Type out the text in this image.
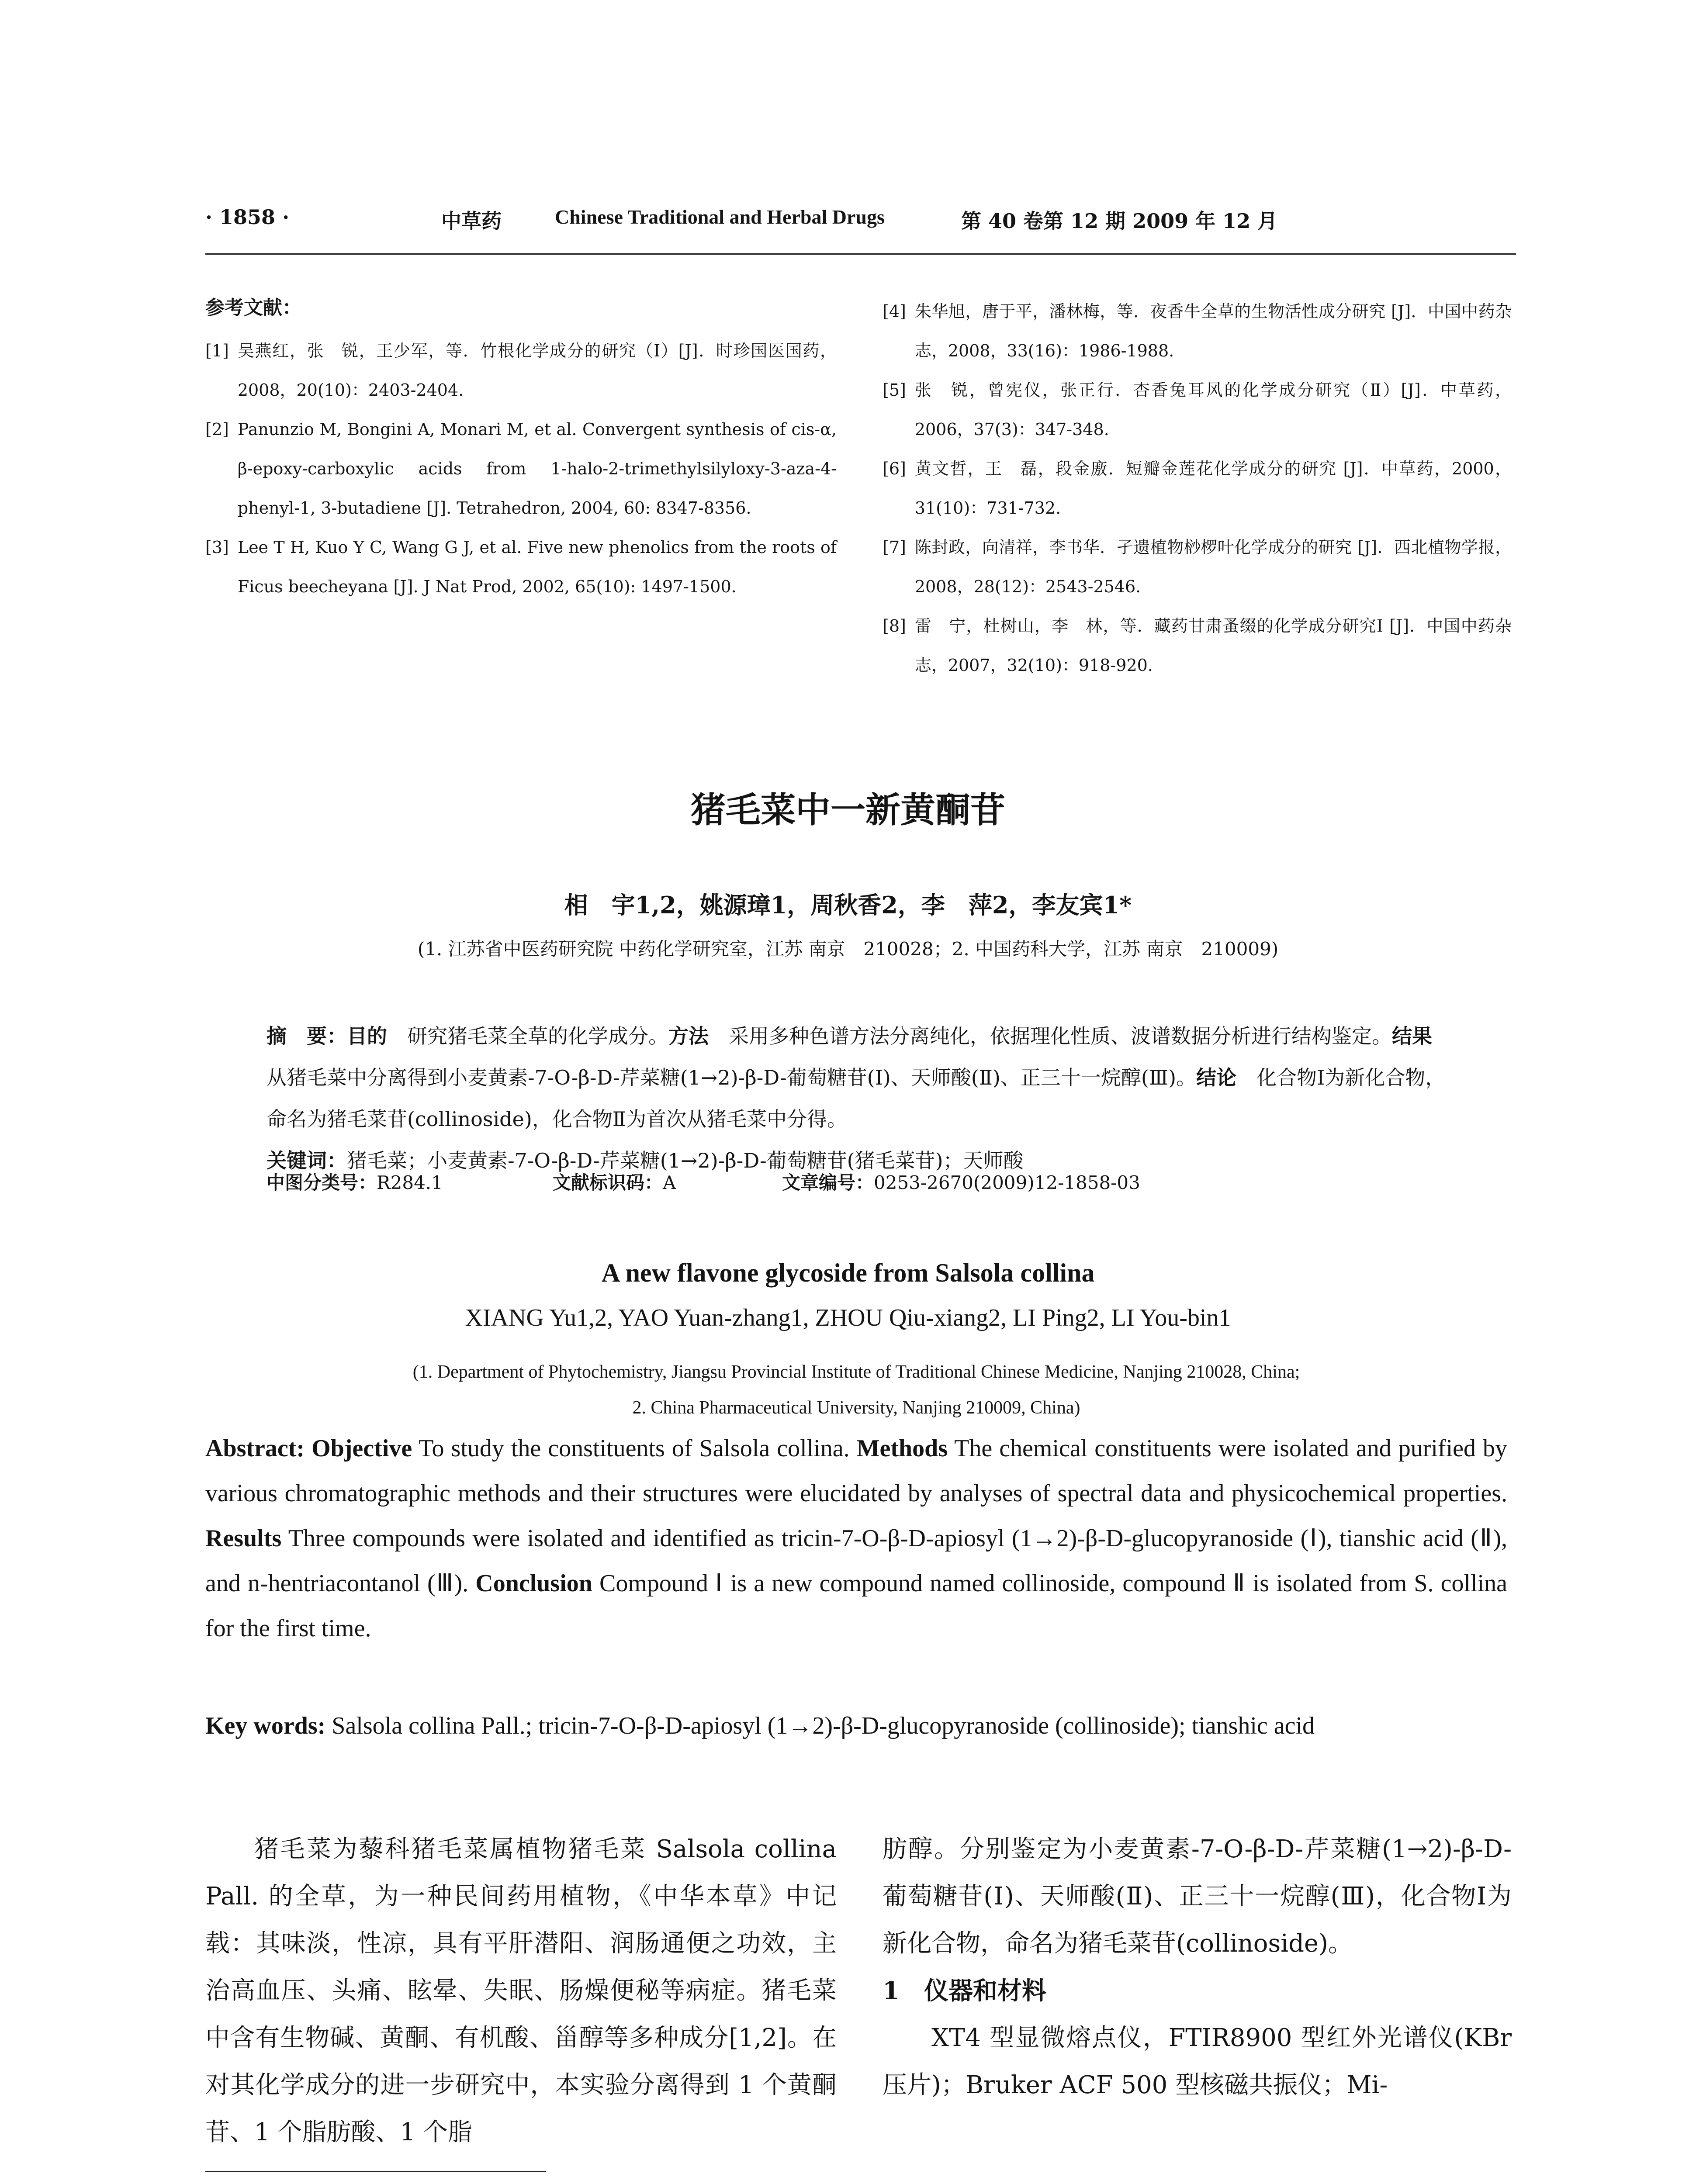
· 1858 ·	中草药	Chinese Traditional and Herbal Drugs	第 40 卷第 12 期 2009 年 12 月
参考文献：
[1] 吴燕红，张　锐，王少军，等．竹根化学成分的研究（Ⅰ）[J]．时珍国医国药，2008，20(10)：2403-2404.
[2] Panunzio M, Bongini A, Monari M, et al. Convergent synthesis of cis-α, β-epoxy-carboxylic acids from 1-halo-2-trimethylsilyloxy-3-aza-4-phenyl-1, 3-butadiene [J]. Tetrahedron, 2004, 60: 8347-8356.
[3] Lee T H, Kuo Y C, Wang G J, et al. Five new phenolics from the roots of Ficus beecheyana [J]. J Nat Prod, 2002, 65(10): 1497-1500.
[4] 朱华旭，唐于平，潘林梅，等．夜香牛全草的生物活性成分研究 [J]．中国中药杂志，2008，33(16)：1986-1988.
[5] 张　锐，曾宪仪，张正行．杏香兔耳风的化学成分研究（Ⅱ）[J]．中草药，2006，37(3)：347-348.
[6] 黄文哲，王　磊，段金廒．短瓣金莲花化学成分的研究 [J]．中草药，2000，31(10)：731-732.
[7] 陈封政，向清祥，李书华．孑遗植物桫椤叶化学成分的研究 [J]．西北植物学报，2008，28(12)：2543-2546.
[8] 雷　宁，杜树山，李　林，等．藏药甘肃蚤缀的化学成分研究Ⅰ [J]．中国中药杂志，2007，32(10)：918-920.
猪毛菜中一新黄酮苷
相　宇1,2，姚源璋1，周秋香2，李　萍2，李友宾1*
(1. 江苏省中医药研究院 中药化学研究室，江苏 南京　210028；2. 中国药科大学，江苏 南京　210009)
摘　要：目的　 研究猪毛菜全草的化学成分。方法　 采用多种色谱方法分离纯化，依据理化性质、波谱数据分析进行结构鉴定。结果　从猪毛菜中分离得到小麦黄素-7-O-β-D-芹菜糖(1→2)-β-D-葡萄糖苷(Ⅰ)、天师酸(Ⅱ)、正三十一烷醇(Ⅲ)。结论　 化合物Ⅰ为新化合物，命名为猪毛菜苷(collinoside)，化合物Ⅱ为首次从猪毛菜中分得。
关键词：猪毛菜；小麦黄素-7-O-β-D-芹菜糖(1→2)-β-D-葡萄糖苷(猪毛菜苷)；天师酸
中图分类号：R284.1	文献标识码：A	文章编号：0253-2670(2009)12-1858-03
A new flavone glycoside from Salsola collina
XIANG Yu1,2, YAO Yuan-zhang1, ZHOU Qiu-xiang2, LI Ping2, LI You-bin1
(1. Department of Phytochemistry, Jiangsu Provincial Institute of Traditional Chinese Medicine, Nanjing 210028, China;
2. China Pharmaceutical University, Nanjing 210009, China)
Abstract: Objective To study the constituents of Salsola collina. Methods The chemical constituents were isolated and purified by various chromatographic methods and their structures were elucidated by analyses of spectral data and physicochemical properties. Results Three compounds were isolated and identified as tricin-7-O-β-D-apiosyl (1→2)-β-D-glucopyranoside (Ⅰ), tianshic acid (Ⅱ), and n-hentriacontanol (Ⅲ). Conclusion Compound Ⅰ is a new compound named collinoside, compound Ⅱ is isolated from S. collina for the first time.
Key words: Salsola collina Pall.; tricin-7-O-β-D-apiosyl (1→2)-β-D-glucopyranoside (collinoside); tianshic acid

猪毛菜为藜科猪毛菜属植物猪毛菜 Salsola collina Pall. 的全草，为一种民间药用植物，《中华本草》中记载：其味淡，性凉，具有平肝潜阳、润肠通便之功效，主治高血压、头痛、眩晕、失眠、肠燥便秘等病症。猪毛菜中含有生物碱、黄酮、有机酸、甾醇等多种成分[1,2]。在对其化学成分的进一步研究中，本实验分离得到 1 个黄酮苷、1 个脂肪酸、1 个脂

肪醇。分别鉴定为小麦黄素-7-O-β-D-芹菜糖(1→2)-β-D-葡萄糖苷(Ⅰ)、天师酸(Ⅱ)、正三十一烷醇(Ⅲ)，化合物Ⅰ为新化合物，命名为猪毛菜苷(collinoside)。

1　仪器和材料

XT4 型显微熔点仪，FTIR8900 型红外光谱仪(KBr 压片)；Bruker ACF 500 型核磁共振仪；Mi-
